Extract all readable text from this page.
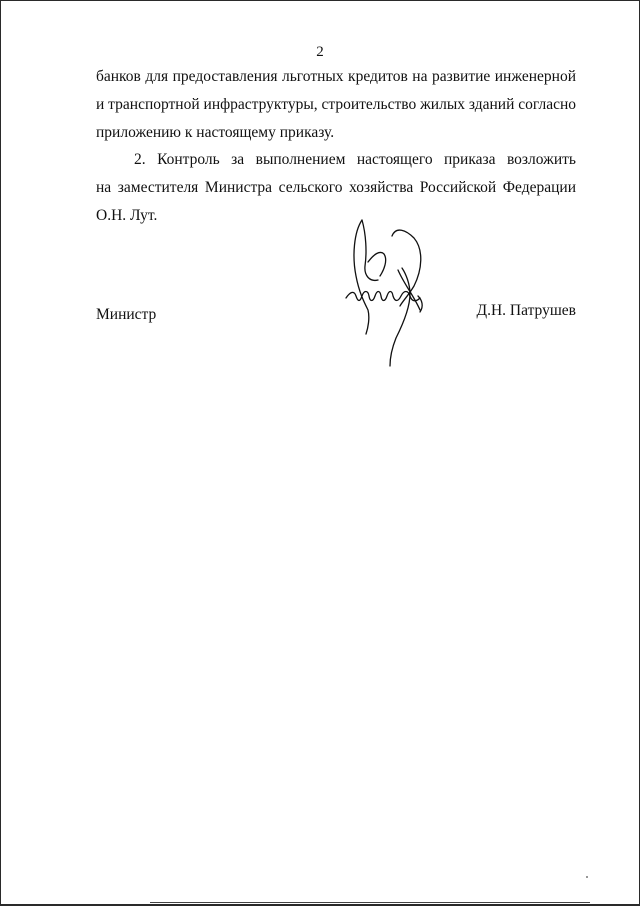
2
банков для предоставления льготных кредитов на развитие инженерной
и транспортной инфраструктуры, строительство жилых зданий согласно
приложению к настоящему приказу.
2. Контроль за выполнением настоящего приказа возложить
на заместителя Министра сельского хозяйства Российской Федерации
О.Н. Лут.
Министр	Д.Н. Патрушев
